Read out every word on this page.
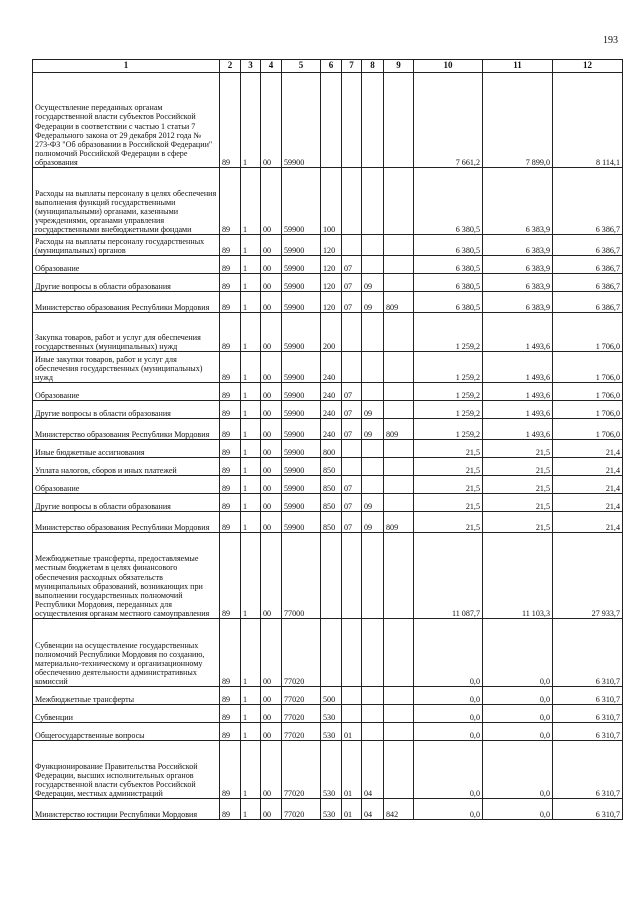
193
1	2	3	4	5	6	7	8	9	10	11	12
Осуществление переданных органам государственной власти субъектов Российской Федерации в соответствии с частью 1 статьи 7 Федерального закона от 29 декабря 2012 года № 273-ФЗ "Об образовании в Российской Федерации" полномочий Российской Федерации в сфере образования	89	1	00	59900					7 661,2	7 899,0	8 114,1
Расходы на выплаты персоналу в целях обеспечения выполнения функций государственными (муниципальными) органами, казенными учреждениями, органами управления государственными внебюджетными фондами	89	1	00	59900	100				6 380,5	6 383,9	6 386,7
Расходы на выплаты персоналу государственных (муниципальных) органов	89	1	00	59900	120				6 380,5	6 383,9	6 386,7
Образование	89	1	00	59900	120	07			6 380,5	6 383,9	6 386,7
Другие вопросы в области образования	89	1	00	59900	120	07	09		6 380,5	6 383,9	6 386,7
Министерство образования Республики Мордовия	89	1	00	59900	120	07	09	809	6 380,5	6 383,9	6 386,7
Закупка товаров, работ и услуг для обеспечения государственных (муниципальных) нужд	89	1	00	59900	200				1 259,2	1 493,6	1 706,0
Иные закупки товаров, работ и услуг для обеспечения государственных (муниципальных) нужд	89	1	00	59900	240				1 259,2	1 493,6	1 706,0
Образование	89	1	00	59900	240	07			1 259,2	1 493,6	1 706,0
Другие вопросы в области образования	89	1	00	59900	240	07	09		1 259,2	1 493,6	1 706,0
Министерство образования Республики Мордовия	89	1	00	59900	240	07	09	809	1 259,2	1 493,6	1 706,0
Иные бюджетные ассигнования	89	1	00	59900	800				21,5	21,5	21,4
Уплата налогов, сборов и иных платежей	89	1	00	59900	850				21,5	21,5	21,4
Образование	89	1	00	59900	850	07			21,5	21,5	21,4
Другие вопросы в области образования	89	1	00	59900	850	07	09		21,5	21,5	21,4
Министерство образования Республики Мордовия	89	1	00	59900	850	07	09	809	21,5	21,5	21,4
Межбюджетные трансферты, предоставляемые местным бюджетам в целях финансового обеспечения расходных обязательств муниципальных образований, возникающих при выполнении государственных полномочий Республики Мордовия, переданных для осуществления органам местного самоуправления	89	1	00	77000					11 087,7	11 103,3	27 933,7
Субвенции на осуществление государственных полномочий Республики Мордовия по созданию, материально-техническому и организационному обеспечению деятельности административных комиссий	89	1	00	77020					0,0	0,0	6 310,7
Межбюджетные трансферты	89	1	00	77020	500				0,0	0,0	6 310,7
Субвенции	89	1	00	77020	530				0,0	0,0	6 310,7
Общегосударственные вопросы	89	1	00	77020	530	01			0,0	0,0	6 310,7
Функционирование Правительства Российской Федерации, высших исполнительных органов государственной власти субъектов Российской Федерации, местных администраций	89	1	00	77020	530	01	04		0,0	0,0	6 310,7
Министерство юстиции Республики Мордовия	89	1	00	77020	530	01	04	842	0,0	0,0	6 310,7
